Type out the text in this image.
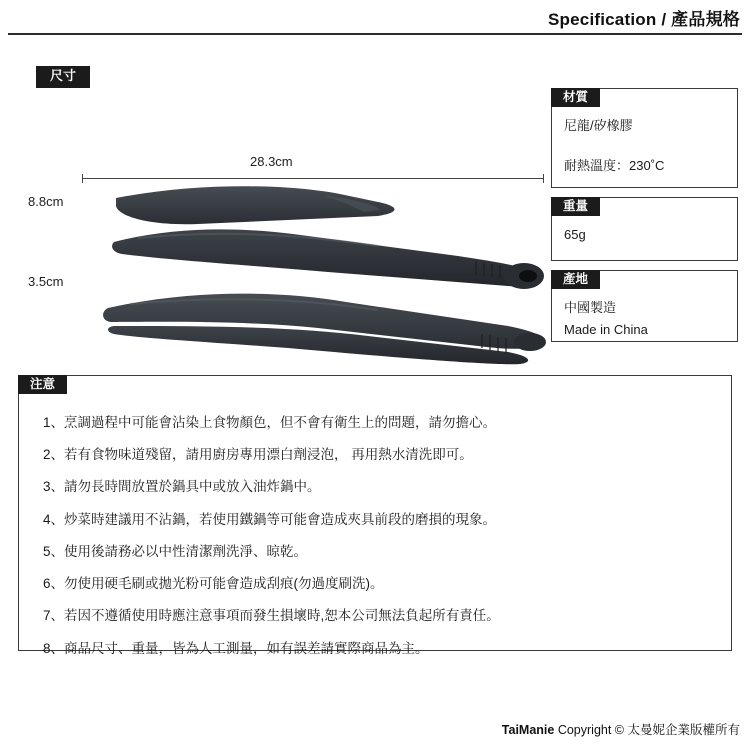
Specification / 產品規格
尺寸
28.3cm
8.8cm
3.5cm
材質

尼龍/矽橡膠

耐熱溫度：230˚C

重量

65g

產地

中國製造

Made in China

注意
1、烹調過程中可能會沾染上食物顏色，但不會有衛生上的問題，請勿擔心。
2、若有食物味道殘留，請用廚房專用漂白劑浸泡， 再用熱水清洗即可。
3、請勿長時間放置於鍋具中或放入油炸鍋中。
4、炒菜時建議用不沾鍋，若使用鐵鍋等可能會造成夾具前段的磨損的現象。
5、使用後請務必以中性清潔劑洗淨、晾乾。
6、勿使用硬毛刷或拋光粉可能會造成刮痕(勿過度刷洗)。
7、若因不遵循使用時應注意事項而發生損壞時,恕本公司無法負起所有責任。
8、商品尺寸、重量，皆為人工測量，如有誤差請實際商品為主。
TaiManie Copyright © 太曼妮企業版權所有
